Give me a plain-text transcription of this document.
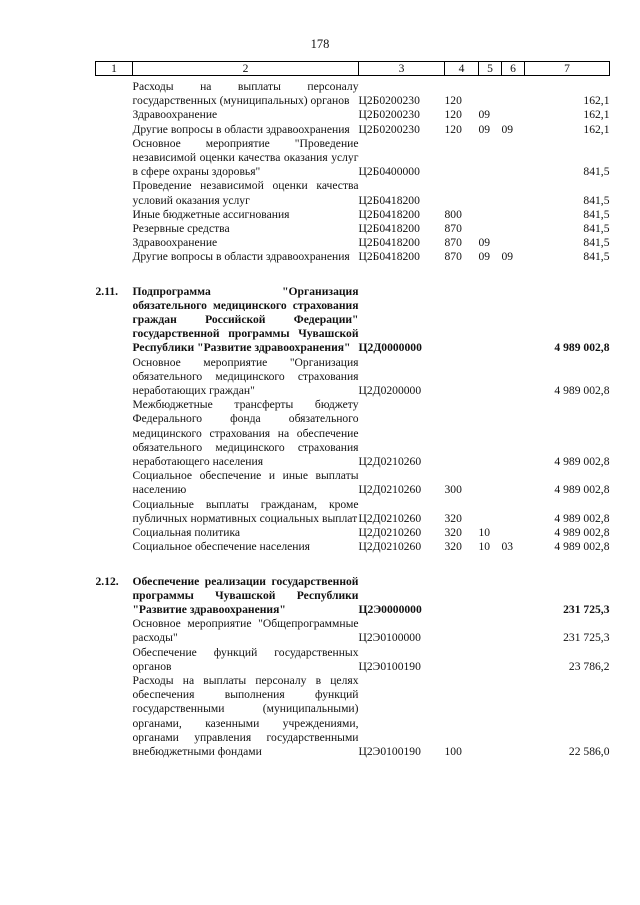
178
1	2	3	4	5	6	7
	Расходы на выплаты персоналу государственных (муниципальных) органов	Ц2Б0200230	120			162,1
	Здравоохранение	Ц2Б0200230	120	09		162,1
	Другие вопросы в области здравоохранения	Ц2Б0200230	120	09	09	162,1
	Основное мероприятие "Проведение независимой оценки качества оказания услуг в сфере охраны здоровья"	Ц2Б0400000				841,5
	Проведение независимой оценки качества условий оказания услуг	Ц2Б0418200				841,5
	Иные бюджетные ассигнования	Ц2Б0418200	800			841,5
	Резервные средства	Ц2Б0418200	870			841,5
	Здравоохранение	Ц2Б0418200	870	09		841,5
	Другие вопросы в области здравоохранения	Ц2Б0418200	870	09	09	841,5

2.11.	Подпрограмма "Организация обязательного медицинского страхования граждан Российской Федерации" государственной программы Чувашской Республики "Развитие здравоохранения"	Ц2Д0000000				4 989 002,8
	Основное мероприятие "Организация обязательного медицинского страхования неработающих граждан"	Ц2Д0200000				4 989 002,8
	Межбюджетные трансферты бюджету Федерального фонда обязательного медицинского страхования на обеспечение обязательного медицинского страхования неработающего населения	Ц2Д0210260				4 989 002,8
	Социальное обеспечение и иные выплаты населению	Ц2Д0210260	300			4 989 002,8
	Социальные выплаты гражданам, кроме публичных нормативных социальных выплат	Ц2Д0210260	320			4 989 002,8
	Социальная политика	Ц2Д0210260	320	10		4 989 002,8
	Социальное обеспечение населения	Ц2Д0210260	320	10	03	4 989 002,8

2.12.	Обеспечение реализации государственной программы Чувашской Республики "Развитие здравоохранения"	Ц2Э0000000				231 725,3
	Основное мероприятие "Общепрограммные расходы"	Ц2Э0100000				231 725,3
	Обеспечение функций государственных органов	Ц2Э0100190				23 786,2
	Расходы на выплаты персоналу в целях обеспечения выполнения функций государственными (муниципальными) органами, казенными учреждениями, органами управления государственными внебюджетными фондами	Ц2Э0100190	100			22 586,0
